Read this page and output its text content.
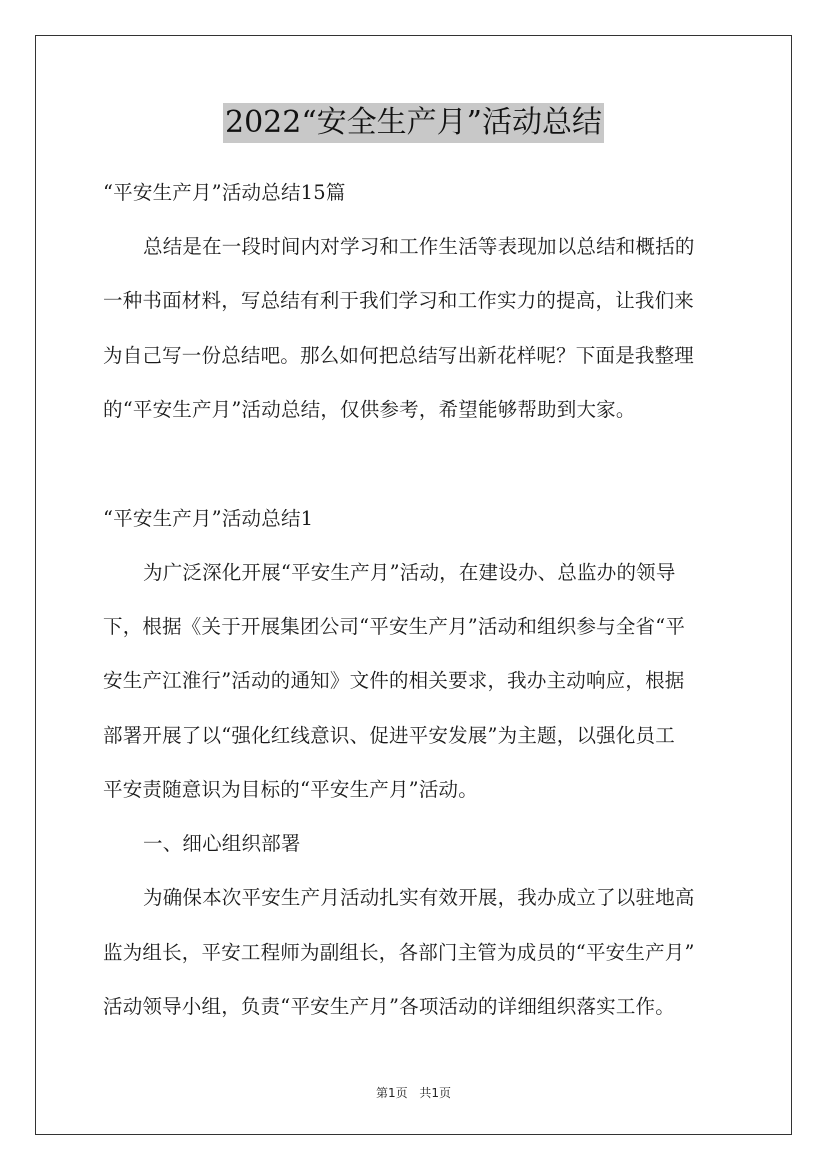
2022“安全生产月”活动总结
“平安生产月”活动总结15篇
总结是在一段时间内对学习和工作生活等表现加以总结和概括的
一种书面材料，写总结有利于我们学习和工作实力的提高，让我们来
为自己写一份总结吧。那么如何把总结写出新花样呢？下面是我整理
的“平安生产月”活动总结，仅供参考，希望能够帮助到大家。
“平安生产月”活动总结1
为广泛深化开展“平安生产月”活动，在建设办、总监办的领导
下，根据《关于开展集团公司“平安生产月”活动和组织参与全省“平
安生产江淮行”活动的通知》文件的相关要求，我办主动响应，根据
部署开展了以“强化红线意识、促进平安发展”为主题，以强化员工
平安责随意识为目标的“平安生产月”活动。
一、细心组织部署
为确保本次平安生产月活动扎实有效开展，我办成立了以驻地高
监为组长，平安工程师为副组长，各部门主管为成员的“平安生产月”
活动领导小组，负责“平安生产月”各项活动的详细组织落实工作。
第1页 共1页
